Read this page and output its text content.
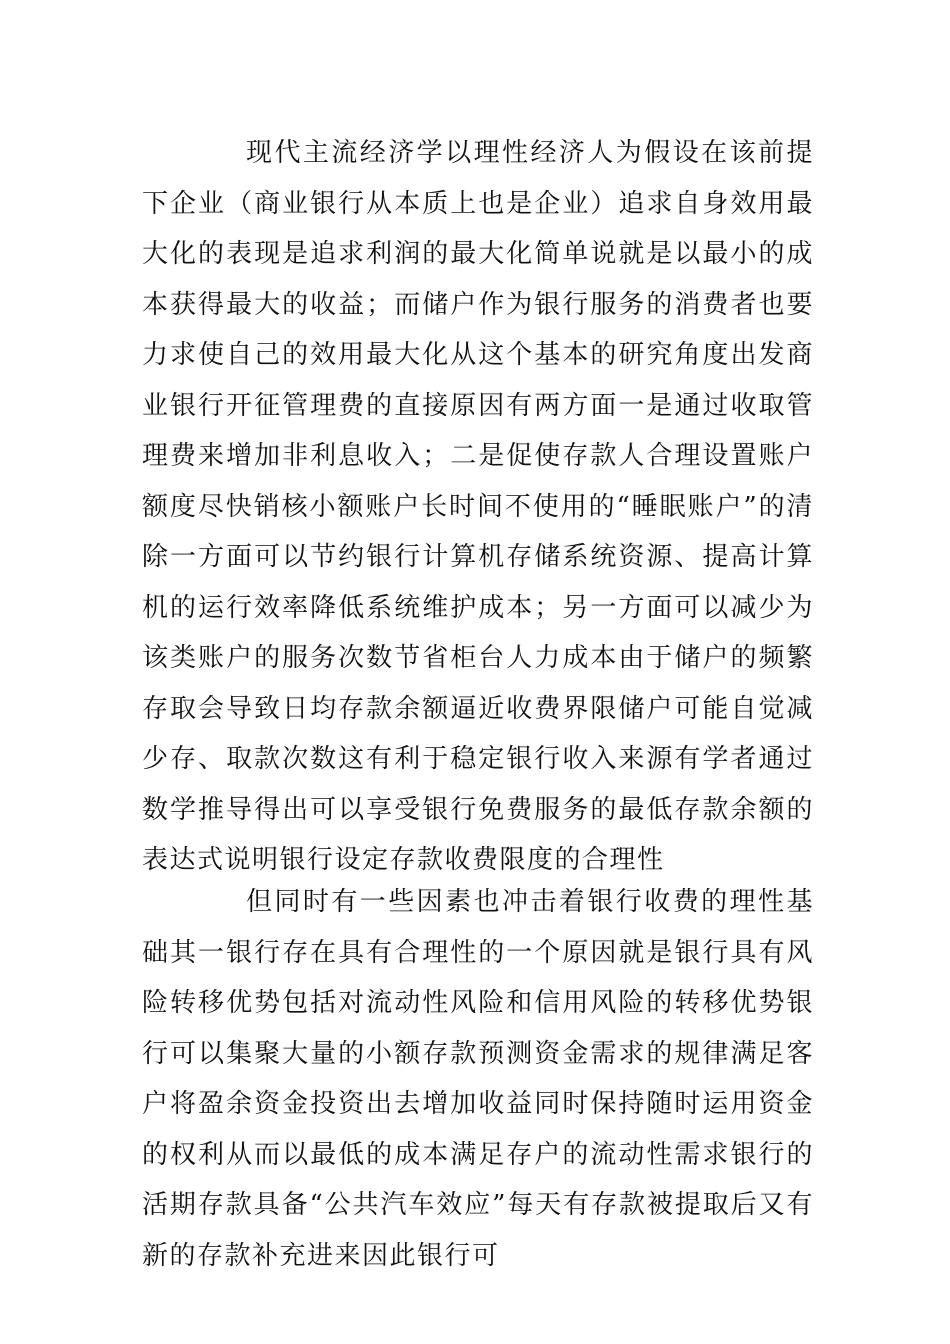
现代主流经济学以理性经济人为假设在该前提下企业（商业银行从本质上也是企业）追求自身效用最大化的表现是追求利润的最大化简单说就是以最小的成本获得最大的收益；而储户作为银行服务的消费者也要力求使自己的效用最大化从这个基本的研究角度出发商业银行开征管理费的直接原因有两方面一是通过收取管理费来增加非利息收入；二是促使存款人合理设置账户额度尽快销核小额账户长时间不使用的“睡眠账户”的清除一方面可以节约银行计算机存储系统资源、提高计算机的运行效率降低系统维护成本；另一方面可以减少为该类账户的服务次数节省柜台人力成本由于储户的频繁存取会导致日均存款余额逼近收费界限储户可能自觉减少存、取款次数这有利于稳定银行收入来源有学者通过数学推导得出可以享受银行免费服务的最低存款余额的表达式说明银行设定存款收费限度的合理性

但同时有一些因素也冲击着银行收费的理性基础其一银行存在具有合理性的一个原因就是银行具有风险转移优势包括对流动性风险和信用风险的转移优势银行可以集聚大量的小额存款预测资金需求的规律满足客户将盈余资金投资出去增加收益同时保持随时运用资金的权利从而以最低的成本满足存户的流动性需求银行的活期存款具备“公共汽车效应”每天有存款被提取后又有新的存款补充进来因此银行可
